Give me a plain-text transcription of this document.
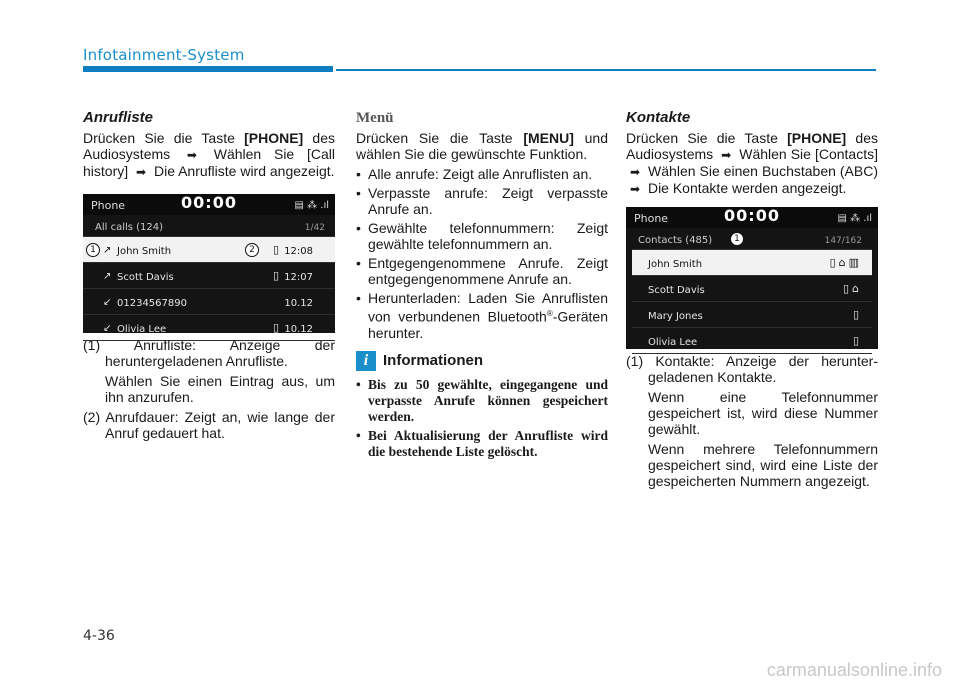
Infotainment-System
Anrufliste

Drücken Sie die Taste [PHONE] des Audiosystems ➡ Wählen Sie [Call history] ➡ Die Anrufliste wird angezeigt.

Phone	00:00	▤ ⁂ .ıl
All calls (124)	1/42
1 ↗ John Smith	2	▯ 12:08
↗ Scott Davis	▯ 12:07
↙ 01234567890	10.12
↙ Olivia Lee	▯ 10.12

(1) Anrufliste: Anzeige der heruntergeladenen Anrufliste.

Wählen Sie einen Eintrag aus, um ihn anzurufen.

(2) Anrufdauer: Zeigt an, wie lange der Anruf gedauert hat.

Menü

Drücken Sie die Taste [MENU] und wählen Sie die gewünschte Funktion.

• Alle anrufe: Zeigt alle Anruflisten an.
• Verpasste anrufe: Zeigt verpasste Anrufe an.
• Gewählte telefonnummern: Zeigt gewählte telefonnummern an.
• Entgegengenommene Anrufe. Zeigt entgegengenommene Anrufe an.
• Herunterladen: Laden Sie Anruflisten von verbundenen Bluetooth®-Geräten herunter.
i Informationen
• Bis zu 50 gewählte, eingegangene und verpasste Anrufe können gespeichert werden.
• Bei Aktualisierung der Anrufliste wird die bestehende Liste gelöscht.
Kontakte

Drücken Sie die Taste [PHONE] des Audiosystems ➡ Wählen Sie [Contacts] ➡ Wählen Sie einen Buchstaben (ABC) ➡ Die Kontakte werden angezeigt.

Phone	00:00	▤ ⁂ .ıl
Contacts (485)	1	147/162
John Smith	▯⌂▥
Scott Davis	▯⌂
Mary Jones	▯
Olivia Lee	▯

(1) Kontakte: Anzeige der herunter-geladenen Kontakte.

Wenn eine Telefonnummer gespeichert ist, wird diese Nummer gewählt.

Wenn mehrere Telefonnummern gespeichert sind, wird eine Liste der gespeicherten Nummern angezeigt.

4-36
carmanualsonline.info
